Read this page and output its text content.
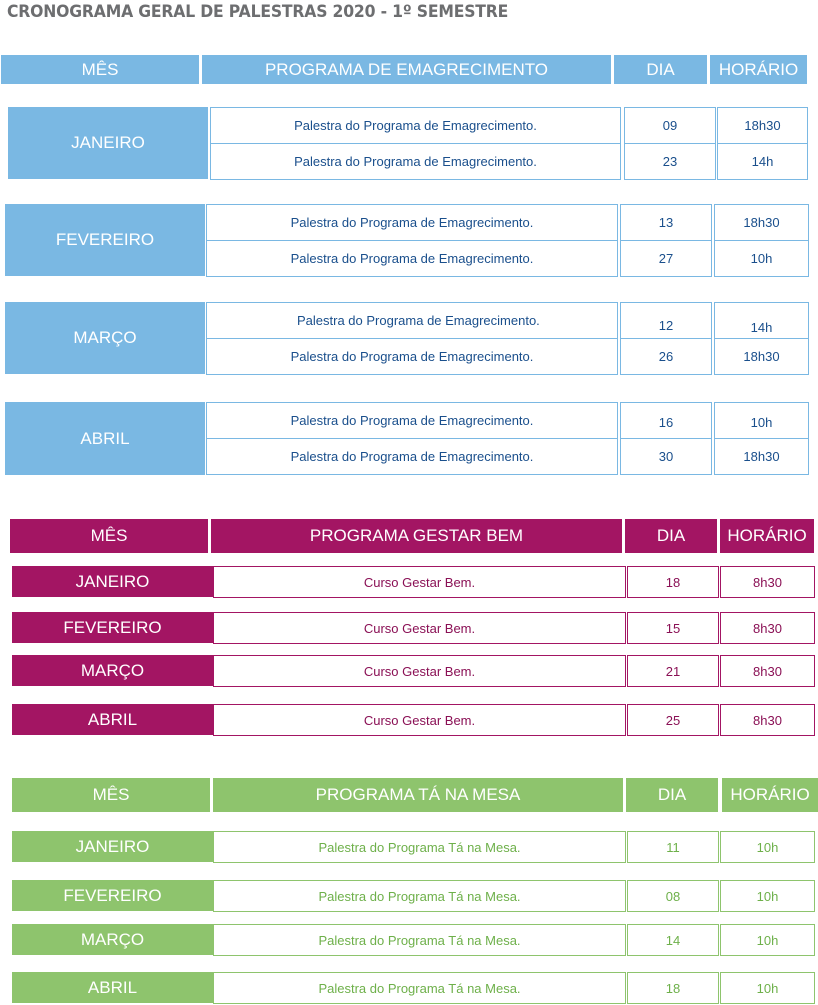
CRONOGRAMA GERAL DE PALESTRAS 2020 - 1º SEMESTRE
MÊS	PROGRAMA DE EMAGRECIMENTO	DIA	HORÁRIO
JANEIRO
Palestra do Programa de Emagrecimento.	09	18h30
Palestra do Programa de Emagrecimento.	23	14h
FEVEREIRO
Palestra do Programa de Emagrecimento.	13	18h30
Palestra do Programa de Emagrecimento.	27	10h
MARÇO
Palestra do Programa de Emagrecimento.	12	14h
Palestra do Programa de Emagrecimento.	26	18h30
ABRIL
Palestra do Programa de Emagrecimento.	16	10h
Palestra do Programa de Emagrecimento.	30	18h30
MÊS	PROGRAMA GESTAR BEM	DIA	HORÁRIO
JANEIRO	Curso Gestar Bem.	18	8h30
FEVEREIRO	Curso Gestar Bem.	15	8h30
MARÇO	Curso Gestar Bem.	21	8h30
ABRIL	Curso Gestar Bem.	25	8h30
MÊS	PROGRAMA TÁ NA MESA	DIA	HORÁRIO
JANEIRO	Palestra do Programa Tá na Mesa.	11	10h
FEVEREIRO	Palestra do Programa Tá na Mesa.	08	10h
MARÇO	Palestra do Programa Tá na Mesa.	14	10h
ABRIL	Palestra do Programa Tá na Mesa.	18	10h
